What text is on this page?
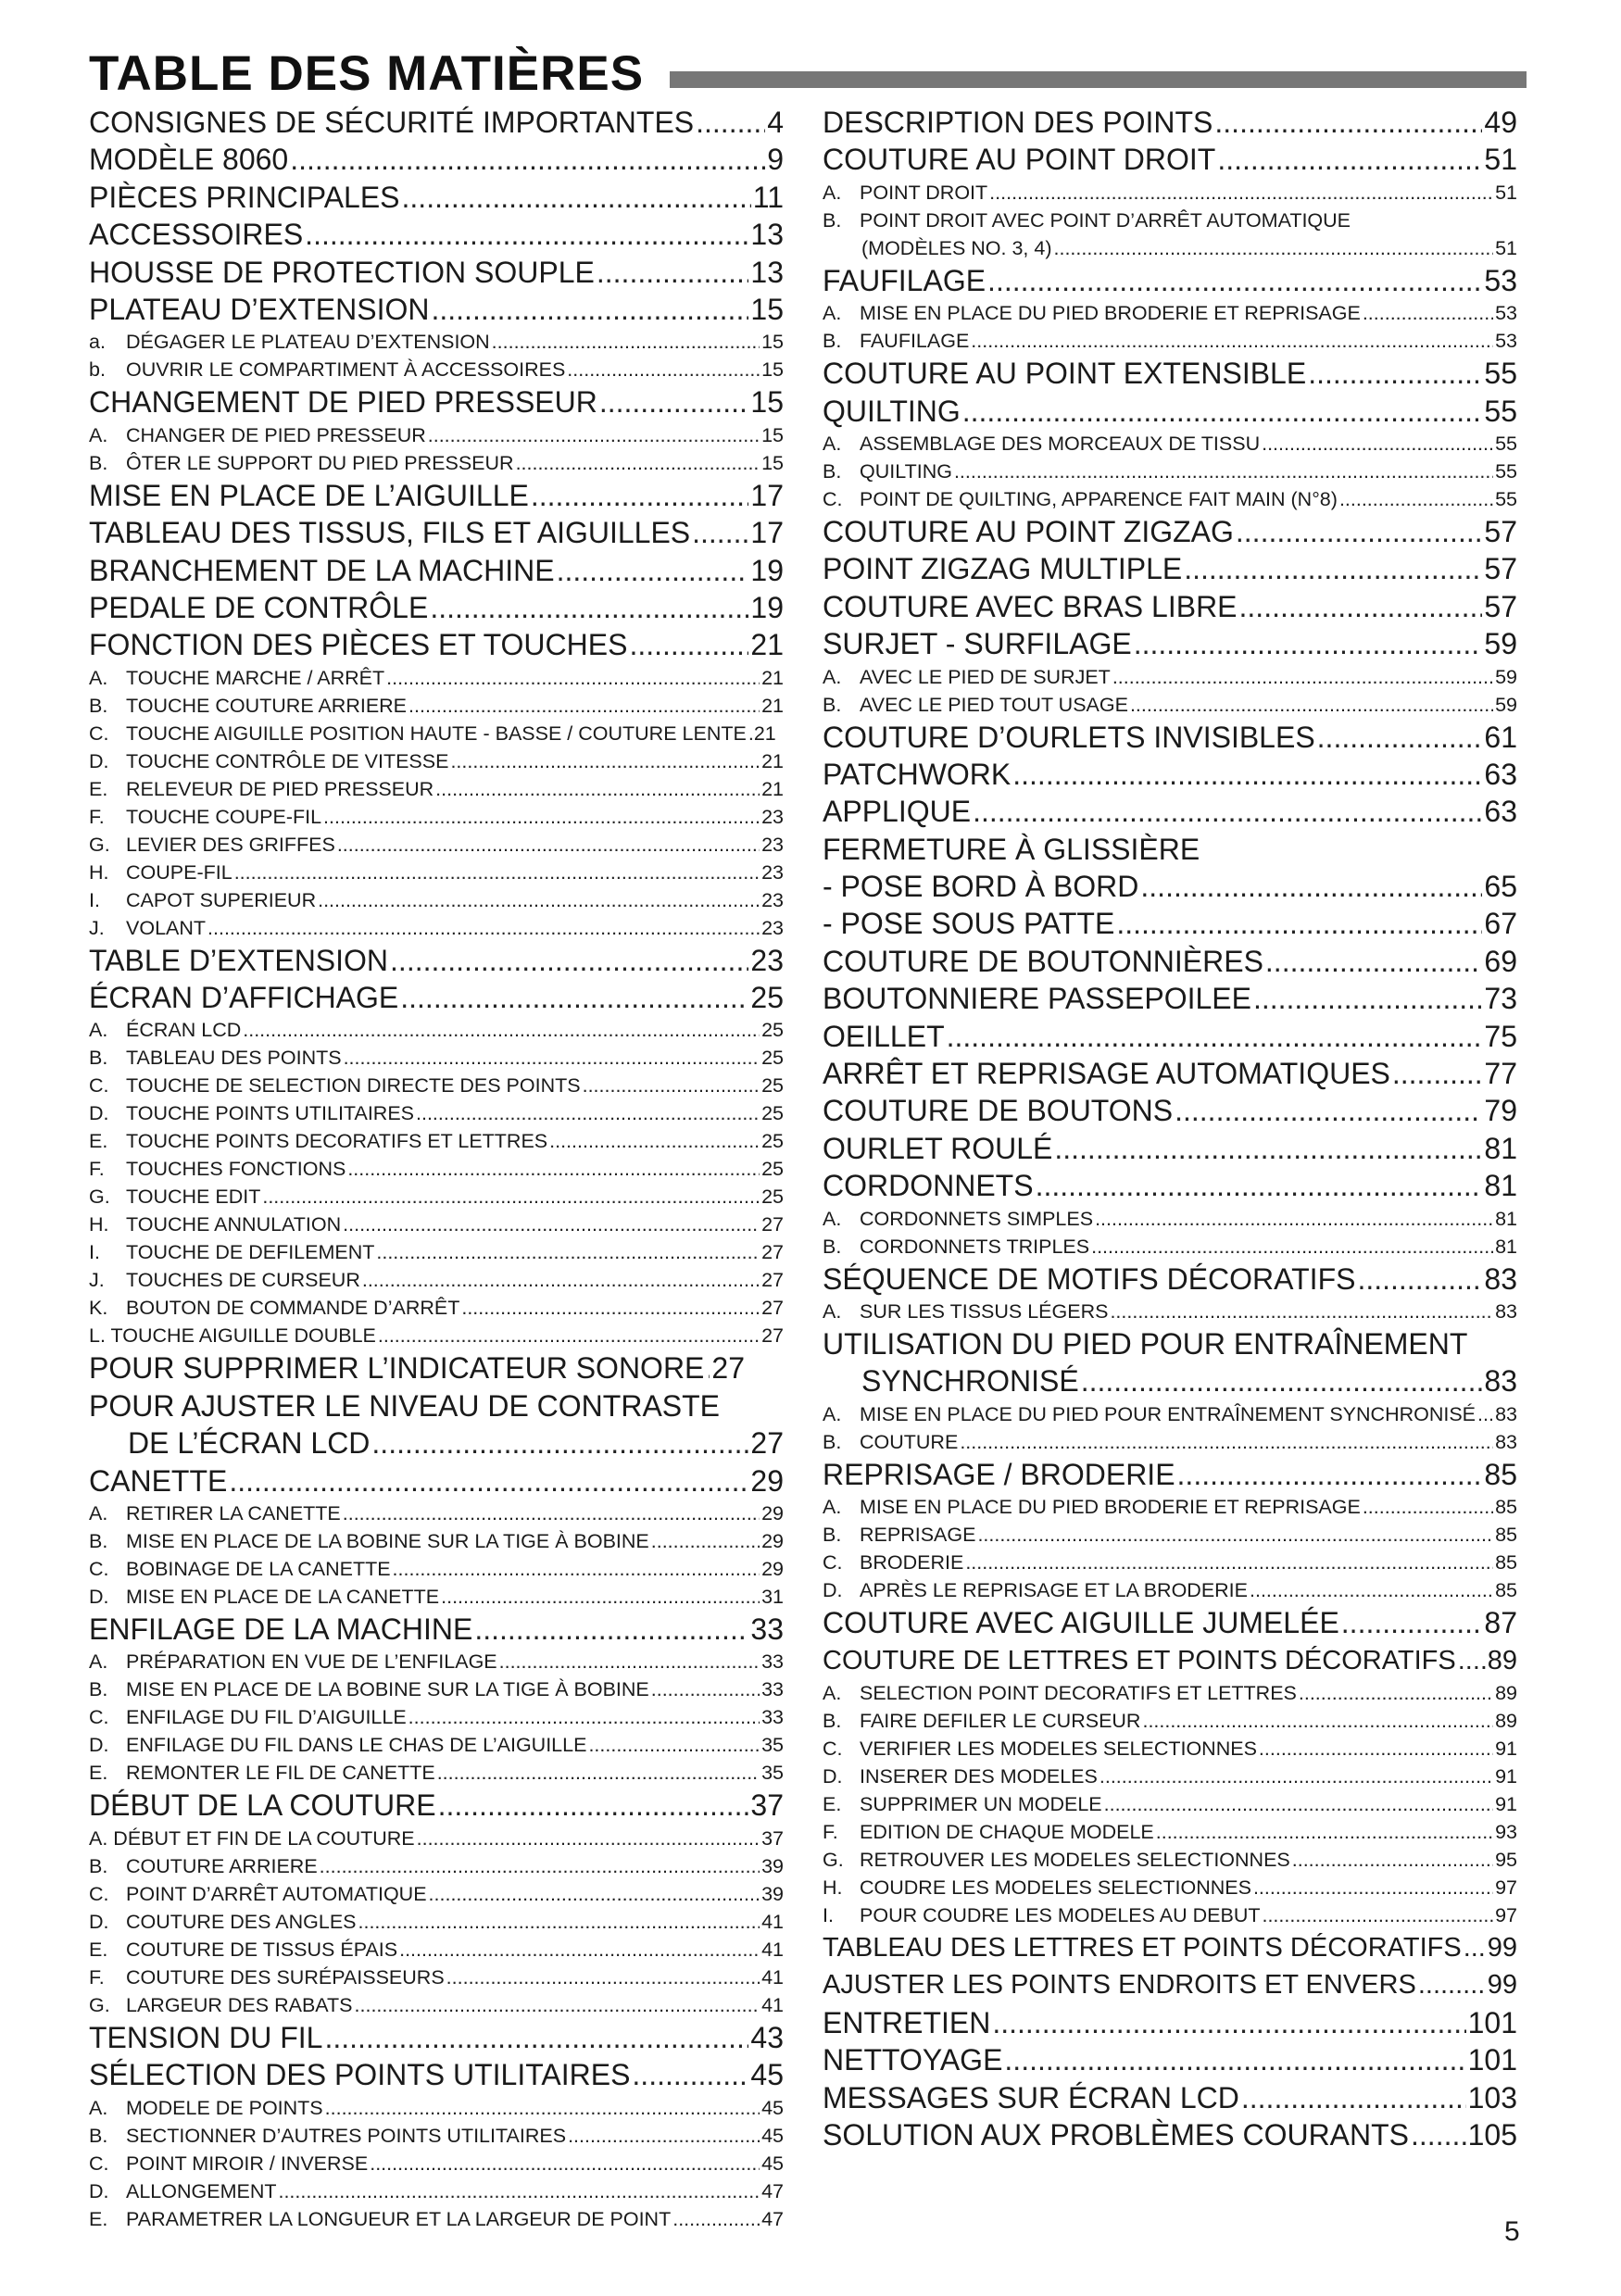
TABLE DES MATIÈRES
CONSIGNES DE SÉCURITÉ IMPORTANTES ..... 4
MODÈLE 8060 .....	9
PIÈCES PRINCIPALES .....	11
ACCESSOIRES .....	13
HOUSSE DE PROTECTION SOUPLE .....	13
PLATEAU D’EXTENSION .....	15
a.	DÉGAGER LE PLATEAU D’EXTENSION .....	15
b.	OUVRIR LE COMPARTIMENT À ACCESSOIRES .....	15
CHANGEMENT DE PIED PRESSEUR .....	15
A. CHANGER DE PIED PRESSEUR .....	15
B. ÔTER LE SUPPORT DU PIED PRESSEUR .....	15
MISE EN PLACE DE L’AIGUILLE .....	17
TABLEAU DES TISSUS, FILS ET AIGUILLES ..... 17
BRANCHEMENT DE LA MACHINE .....	19
PEDALE DE CONTRÔLE .....	19
FONCTION DES PIÈCES ET TOUCHES .....	21
A. TOUCHE MARCHE / ARRÊT .....	21
B. TOUCHE COUTURE ARRIERE .....	21
C. TOUCHE AIGUILLE POSITION HAUTE - BASSE / COUTURE LENTE ..... 21
D. TOUCHE CONTRÔLE DE VITESSE .....	21
E. RELEVEUR DE PIED PRESSEUR .....	21
F.	TOUCHE COUPE-FIL .....	23
G. LEVIER DES GRIFFES .....	23
H. COUPE-FIL .....	23
I.	CAPOT SUPERIEUR .....	23
J.	VOLANT .....	23
TABLE D’EXTENSION .....	23
ÉCRAN D’AFFICHAGE .....	25
A. ÉCRAN LCD .....	25
B. TABLEAU DES POINTS .....	25
C. TOUCHE DE SELECTION DIRECTE DES POINTS .....	25
D. TOUCHE POINTS UTILITAIRES .....	25
E. TOUCHE POINTS DECORATIFS ET LETTRES .....	25
F.	TOUCHES FONCTIONS .....	25
G. TOUCHE EDIT .....	25
H. TOUCHE ANNULATION .....	27
I.	TOUCHE DE DEFILEMENT .....	27
J.	TOUCHES DE CURSEUR .....	27
K. BOUTON DE COMMANDE D’ARRÊT .....	27
L. TOUCHE AIGUILLE DOUBLE .....	27
POUR SUPPRIMER L’INDICATEUR SONORE ..... 27
POUR AJUSTER LE NIVEAU DE CONTRASTE
DE L’ÉCRAN LCD .....	27
CANETTE .....	29
A. RETIRER LA CANETTE .....	29
B. MISE EN PLACE DE LA BOBINE SUR LA TIGE À BOBINE .....	29
C. BOBINAGE DE LA CANETTE .....	29
D. MISE EN PLACE DE LA CANETTE .....	31
ENFILAGE DE LA MACHINE .....	33
A. PRÉPARATION EN VUE DE L’ENFILAGE .....	33
B. MISE EN PLACE DE LA BOBINE SUR LA TIGE À BOBINE .....	33
C. ENFILAGE DU FIL D’AIGUILLE .....	33
D. ENFILAGE DU FIL DANS LE CHAS DE L’AIGUILLE .....	35
E. REMONTER LE FIL DE CANETTE .....	35
DÉBUT DE LA COUTURE .....	37
A. DÉBUT ET FIN DE LA COUTURE .....	37
B. COUTURE ARRIERE .....	39
C. POINT D’ARRÊT AUTOMATIQUE .....	39
D. COUTURE DES ANGLES .....	41
E. COUTURE DE TISSUS ÉPAIS .....	41
F.	COUTURE DES SURÉPAISSEURS .....	41
G. LARGEUR DES RABATS .....	41
TENSION DU FIL .....	43
SÉLECTION DES POINTS UTILITAIRES .....	45
A. MODELE DE POINTS .....	45
B. SECTIONNER D’AUTRES POINTS UTILITAIRES .....	45
C. POINT MIROIR / INVERSE .....	45
D. ALLONGEMENT .....	47
E. PARAMETRER LA LONGUEUR ET LA LARGEUR DE POINT .....	47
DESCRIPTION DES POINTS .....	49
COUTURE AU POINT DROIT .....	51
A. POINT DROIT .....	51
B. POINT DROIT AVEC POINT D’ARRÊT AUTOMATIQUE
(MODÈLES NO. 3, 4) .....	51
FAUFILAGE .....	53
A. MISE EN PLACE DU PIED BRODERIE ET REPRISAGE .....	53
B. FAUFILAGE .....	53
COUTURE AU POINT EXTENSIBLE .....	55
QUILTING .....	55
A. ASSEMBLAGE DES MORCEAUX DE TISSU .....	55
B. QUILTING .....	55
C. POINT DE QUILTING, APPARENCE FAIT MAIN (N°8) .....	55
COUTURE AU POINT ZIGZAG .....	57
POINT ZIGZAG MULTIPLE .....	57
COUTURE AVEC BRAS LIBRE .....	57
SURJET - SURFILAGE .....	59
A. AVEC LE PIED DE SURJET .....	59
B. AVEC LE PIED TOUT USAGE .....	59
COUTURE D’OURLETS INVISIBLES .....	61
PATCHWORK .....	63
APPLIQUE .....	63
FERMETURE À GLISSIÈRE
- POSE BORD À BORD .....	65
- POSE SOUS PATTE .....	67
COUTURE DE BOUTONNIÈRES .....	69
BOUTONNIERE PASSEPOILEE .....	73
OEILLET .....	75
ARRÊT ET REPRISAGE AUTOMATIQUES .....	77
COUTURE DE BOUTONS .....	79
OURLET ROULÉ .....	81
CORDONNETS .....	81
A. CORDONNETS SIMPLES .....	81
B. CORDONNETS TRIPLES .....	81
SÉQUENCE DE MOTIFS DÉCORATIFS .....	83
A. SUR LES TISSUS LÉGERS .....	83
UTILISATION DU PIED POUR ENTRAÎNEMENT
SYNCHRONISÉ .....	83
A. MISE EN PLACE DU PIED POUR ENTRAÎNEMENT SYNCHRONISÉ ..... 83
B. COUTURE .....	83
REPRISAGE / BRODERIE .....	85
A. MISE EN PLACE DU PIED BRODERIE ET REPRISAGE .....	85
B. REPRISAGE .....	85
C. BRODERIE .....	85
D. APRÈS LE REPRISAGE ET LA BRODERIE .....	85
COUTURE AVEC AIGUILLE JUMELÉE .....	87
COUTURE DE LETTRES ET POINTS DÉCORATIFS ..... 89
A. SELECTION POINT DECORATIFS ET LETTRES .....	89
B. FAIRE DEFILER LE CURSEUR .....	89
C. VERIFIER LES MODELES SELECTIONNES .....	91
D. INSERER DES MODELES .....	91
E. SUPPRIMER UN MODELE .....	91
F.	EDITION DE CHAQUE MODELE .....	93
G. RETROUVER LES MODELES SELECTIONNES .....	95
H. COUDRE LES MODELES SELECTIONNES .....	97
I.	POUR COUDRE LES MODELES AU DEBUT .....	97
TABLEAU DES LETTRES ET POINTS DÉCORATIFS ..... 99
AJUSTER LES POINTS ENDROITS ET ENVERS .....	99
ENTRETIEN .....	101
NETTOYAGE .....	101
MESSAGES SUR ÉCRAN LCD .....	103
SOLUTION AUX PROBLÈMES COURANTS ..... 105
5
